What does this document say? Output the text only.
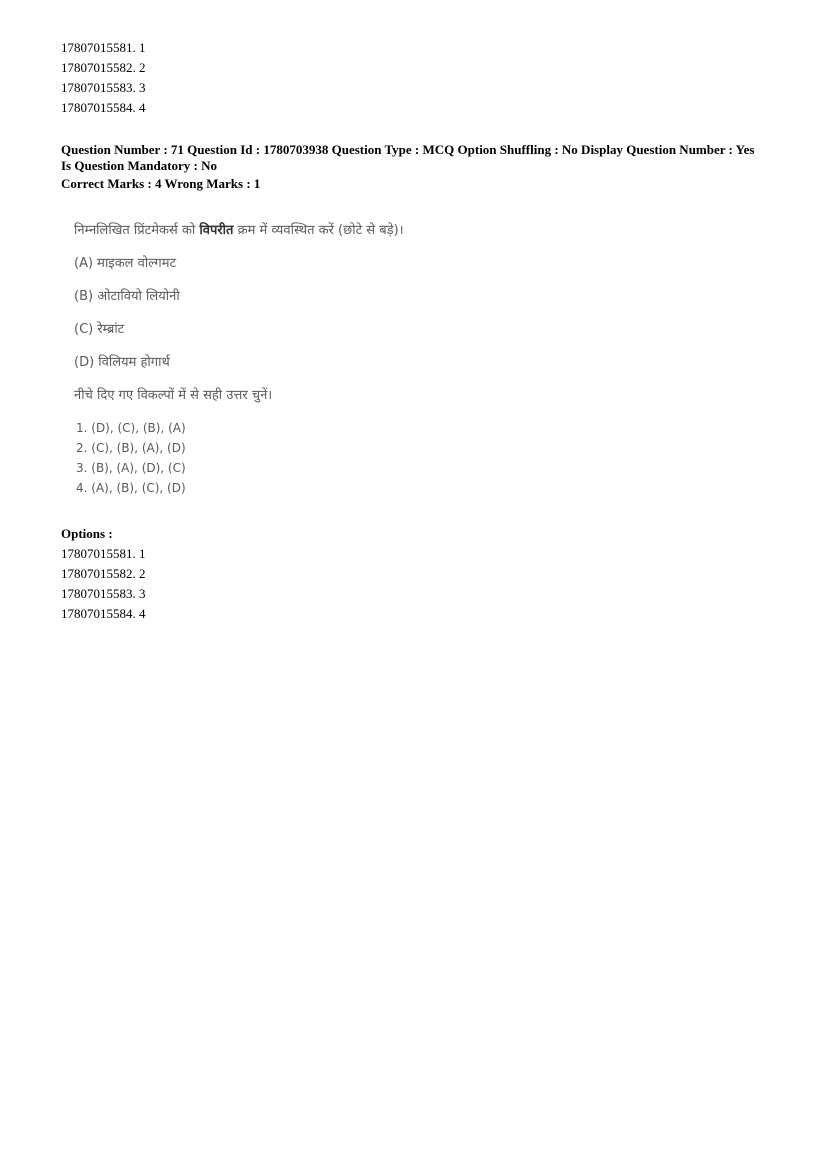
17807015581. 1
17807015582. 2
17807015583. 3
17807015584. 4
Question Number : 71 Question Id : 1780703938 Question Type : MCQ Option Shuffling : No Display Question Number : Yes
Is Question Mandatory : No
Correct Marks : 4 Wrong Marks : 1
निम्नलिखित प्रिंटमेकर्स को विपरीत क्रम में व्यवस्थित करें (छोटे से बड़े)।
(A) माइकल वोल्गमट
(B) ओटावियो लियोनी
(C) रेम्ब्रांट
(D) विलियम होगार्थ
नीचे दिए गए विकल्पों में से सही उत्तर चुनें।
1. (D), (C), (B), (A)
2. (C), (B), (A), (D)
3. (B), (A), (D), (C)
4. (A), (B), (C), (D)
Options :
17807015581. 1
17807015582. 2
17807015583. 3
17807015584. 4
